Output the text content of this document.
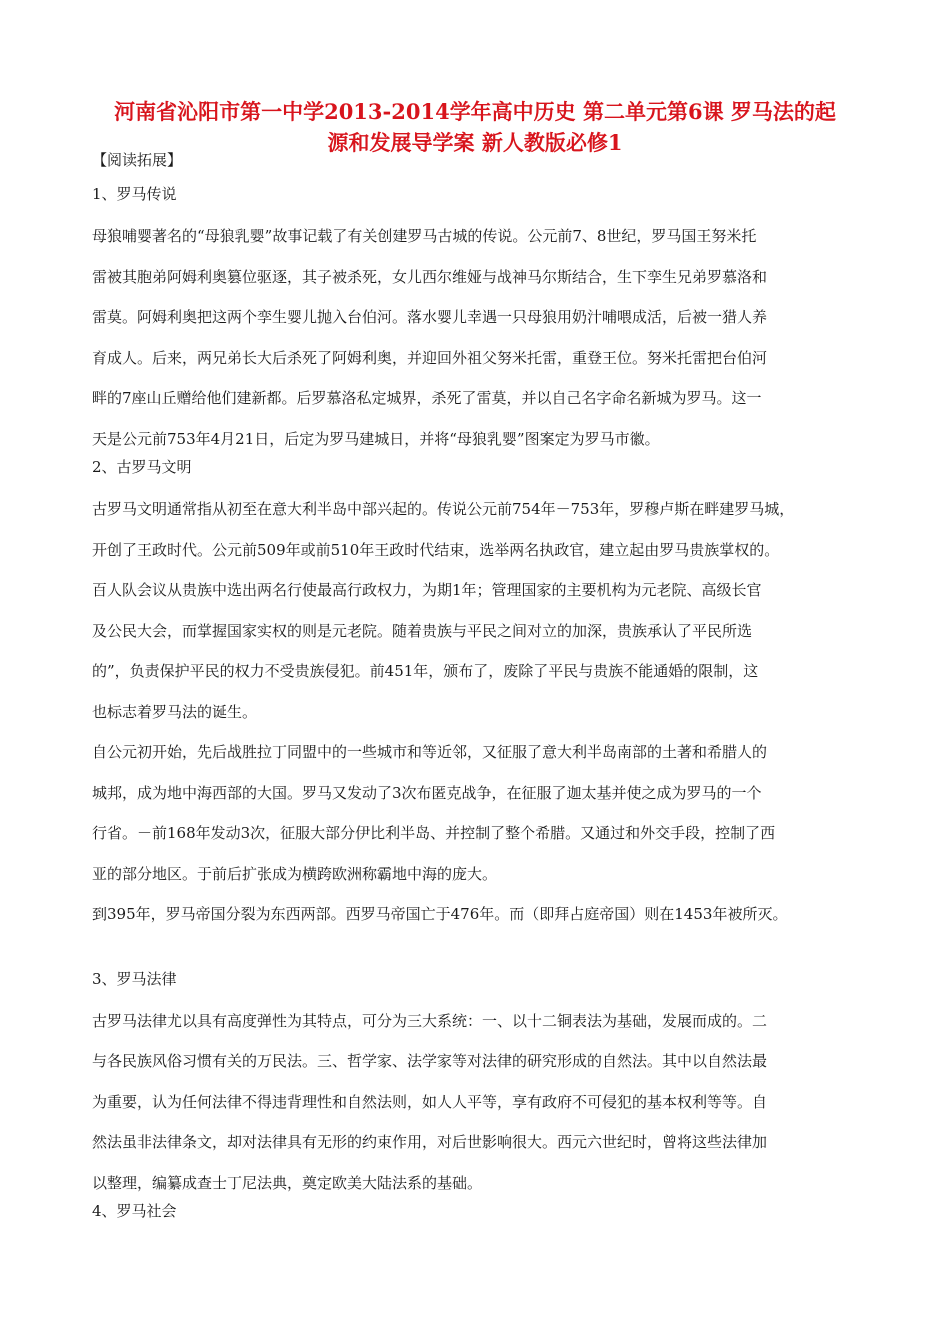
河南省沁阳市第一中学2013-2014学年高中历史 第二单元第6课 罗马法的起
源和发展导学案 新人教版必修1
【阅读拓展】
1、罗马传说
母狼哺婴著名的“母狼乳婴”故事记载了有关创建罗马古城的传说。公元前7、8世纪，罗马国王努米托
雷被其胞弟阿姆利奥篡位驱逐，其子被杀死，女儿西尔维娅与战神马尔斯结合，生下孪生兄弟罗慕洛和
雷莫。阿姆利奥把这两个孪生婴儿抛入台伯河。落水婴儿幸遇一只母狼用奶汁哺喂成活，后被一猎人养
育成人。后来，两兄弟长大后杀死了阿姆利奥，并迎回外祖父努米托雷，重登王位。努米托雷把台伯河
畔的7座山丘赠给他们建新都。后罗慕洛私定城界，杀死了雷莫，并以自己名字命名新城为罗马。这一
天是公元前753年4月21日，后定为罗马建城日，并将“母狼乳婴”图案定为罗马市徽。
2、古罗马文明
古罗马文明通常指从初至在意大利半岛中部兴起的。传说公元前754年－753年，罗穆卢斯在畔建罗马城，
开创了王政时代。公元前509年或前510年王政时代结束，选举两名执政官，建立起由罗马贵族掌权的。
百人队会议从贵族中选出两名行使最高行政权力，为期1年；管理国家的主要机构为元老院、高级长官
及公民大会，而掌握国家实权的则是元老院。随着贵族与平民之间对立的加深，贵族承认了平民所选
的”，负责保护平民的权力不受贵族侵犯。前451年，颁布了，废除了平民与贵族不能通婚的限制，这
也标志着罗马法的诞生。
自公元初开始，先后战胜拉丁同盟中的一些城市和等近邻，又征服了意大利半岛南部的土著和希腊人的
城邦，成为地中海西部的大国。罗马又发动了3次布匿克战争，在征服了迦太基并使之成为罗马的一个
行省。－前168年发动3次，征服大部分伊比利半岛、并控制了整个希腊。又通过和外交手段，控制了西
亚的部分地区。于前后扩张成为横跨欧洲称霸地中海的庞大。
到395年，罗马帝国分裂为东西两部。西罗马帝国亡于476年。而（即拜占庭帝国）则在1453年被所灭。
3、罗马法律
古罗马法律尤以具有高度弹性为其特点，可分为三大系统：一、以十二铜表法为基础，发展而成的。二
与各民族风俗习惯有关的万民法。三、哲学家、法学家等对法律的研究形成的自然法。其中以自然法最
为重要，认为任何法律不得违背理性和自然法则，如人人平等，享有政府不可侵犯的基本权利等等。自
然法虽非法律条文，却对法律具有无形的约束作用，对后世影响很大。西元六世纪时，曾将这些法律加
以整理，编纂成查士丁尼法典，奠定欧美大陆法系的基础。
4、罗马社会
